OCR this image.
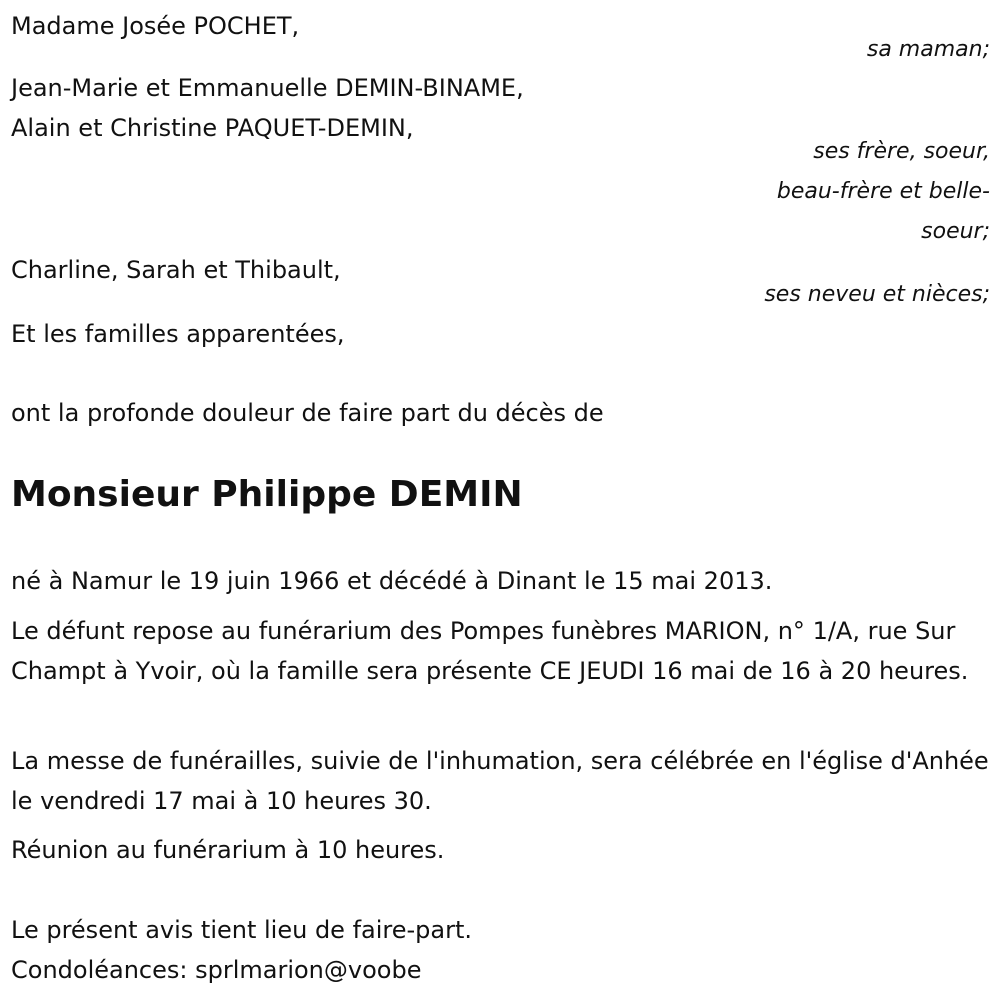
Madame Josée POCHET,
sa maman;
Jean-Marie et Emmanuelle DEMIN-BINAME,
Alain et Christine PAQUET-DEMIN,
ses frère, soeur,
beau-frère et belle-
soeur;
Charline, Sarah et Thibault,
ses neveu et nièces;
Et les familles apparentées,
ont la profonde douleur de faire part du décès de
Monsieur Philippe DEMIN
né à Namur le 19 juin 1966 et décédé à Dinant le 15 mai 2013.
Le défunt repose au funérarium des Pompes funèbres MARION, n° 1/A, rue Sur Champt à Yvoir, où la famille sera présente CE JEUDI 16 mai de 16 à 20 heures.
La messe de funérailles, suivie de l'inhumation, sera célébrée en l'église d'Anhée le vendredi 17 mai à 10 heures 30.
Réunion au funérarium à 10 heures.
Le présent avis tient lieu de faire-part.
Condoléances: sprlmarion@voobe
